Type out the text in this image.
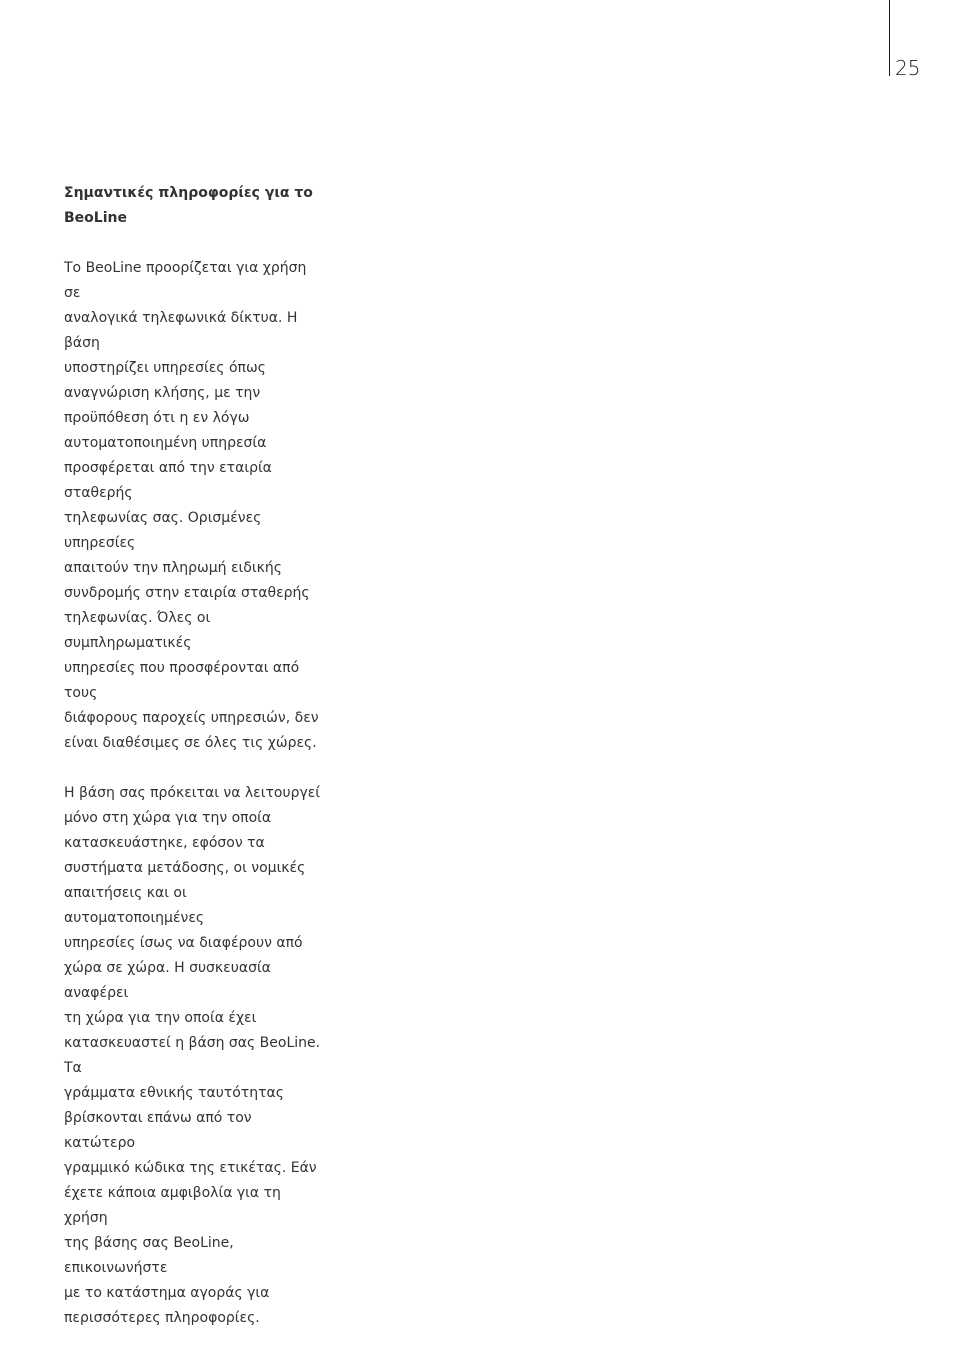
25
Σημαντικές πληροφορίες για το
BeoLine

Το BeoLine προορίζεται για χρήση σε
αναλογικά τηλεφωνικά δίκτυα. Η βάση
υποστηρίζει υπηρεσίες όπως
αναγνώριση κλήσης, με την
προϋπόθεση ότι η εν λόγω
αυτοματοποιημένη υπηρεσία
προσφέρεται από την εταιρία σταθερής
τηλεφωνίας σας. Ορισμένες υπηρεσίες
απαιτούν την πληρωμή ειδικής
συνδρομής στην εταιρία σταθερής
τηλεφωνίας. Όλες οι συμπληρωματικές
υπηρεσίες που προσφέρονται από τους
διάφορους παροχείς υπηρεσιών, δεν
είναι διαθέσιμες σε όλες τις χώρες.

Η βάση σας πρόκειται να λειτουργεί
μόνο στη χώρα για την οποία
κατασκευάστηκε, εφόσον τα
συστήματα μετάδοσης, οι νομικές
απαιτήσεις και οι αυτοματοποιημένες
υπηρεσίες ίσως να διαφέρουν από
χώρα σε χώρα. Η συσκευασία αναφέρει
τη χώρα για την οποία έχει
κατασκευαστεί η βάση σας BeoLine. Τα
γράμματα εθνικής ταυτότητας
βρίσκονται επάνω από τον κατώτερο
γραμμικό κώδικα της ετικέτας. Εάν
έχετε κάποια αμφιβολία για τη χρήση
της βάσης σας BeoLine, επικοινωνήστε
με το κατάστημα αγοράς για
περισσότερες πληροφορίες.
